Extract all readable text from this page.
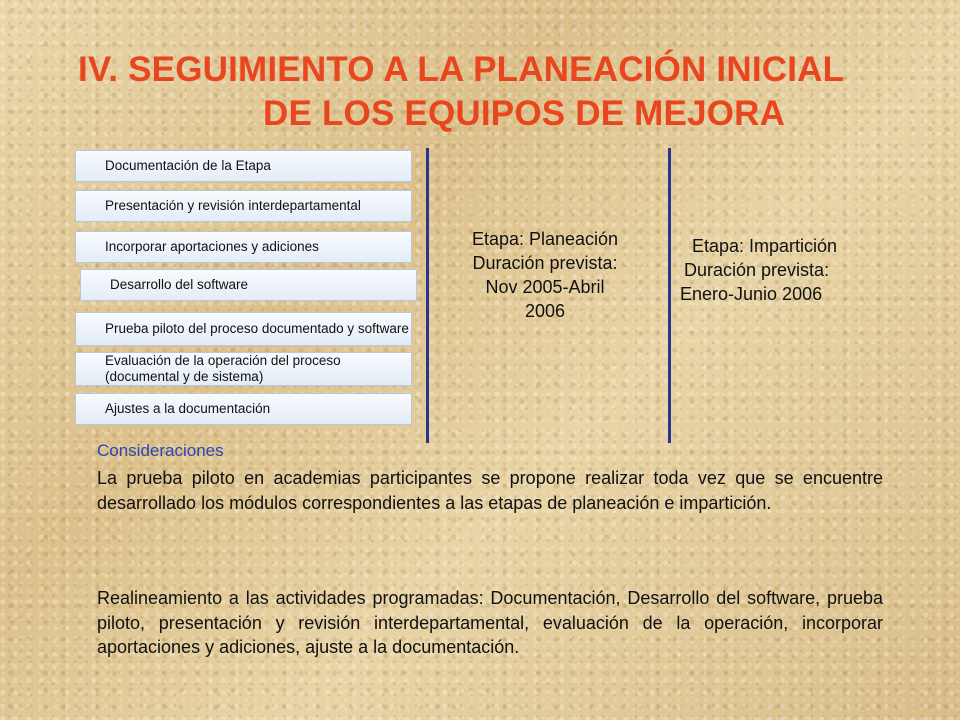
IV. SEGUIMIENTO A LA PLANEACIÓN INICIAL
DE LOS EQUIPOS DE MEJORA
Documentación de la Etapa
Presentación y revisión interdepartamental
Incorporar aportaciones y adiciones
Desarrollo del software
Prueba piloto del proceso documentado y software
Evaluación de la operación del proceso (documental y de sistema)
Ajustes a la documentación
Etapa: Planeación
Duración prevista:
Nov 2005-Abril
2006
Etapa: Impartición
Duración prevista:
Enero-Junio 2006
Consideraciones
La prueba piloto en academias participantes se propone realizar toda vez que se encuentre desarrollado los módulos correspondientes a las etapas de planeación e impartición.
Realineamiento a las actividades programadas: Documentación, Desarrollo del software, prueba piloto, presentación y revisión interdepartamental, evaluación de la operación, incorporar aportaciones y adiciones, ajuste a la documentación.
